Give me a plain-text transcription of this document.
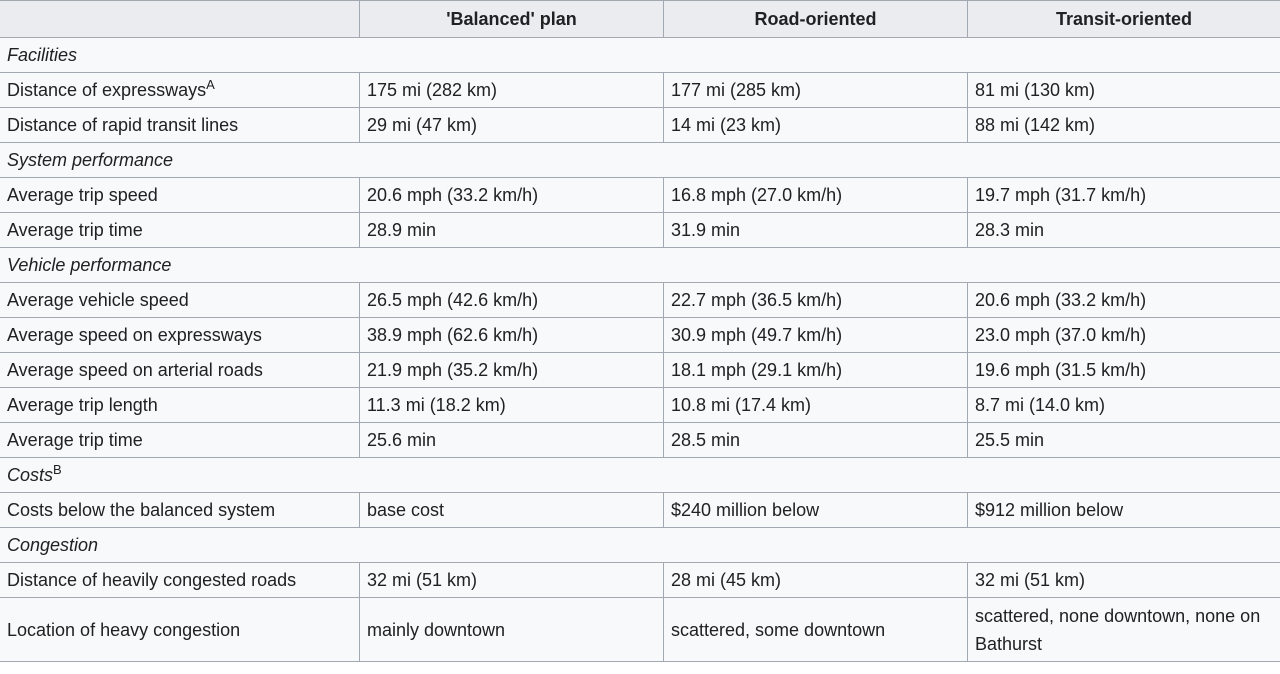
	'Balanced' plan	Road-oriented	Transit-oriented
Facilities			
Distance of expressways$^A$	175 mi (282 km)	177 mi (285 km)	81 mi (130 km)
Distance of rapid transit lines	29 mi (47 km)	14 mi (23 km)	88 mi (142 km)
System performance			
Average trip speed	20.6 mph (33.2 km/h)	16.8 mph (27.0 km/h)	19.7 mph (31.7 km/h)
Average trip time	28.9 min	31.9 min	28.3 min
Vehicle performance			
Average vehicle speed	26.5 mph (42.6 km/h)	22.7 mph (36.5 km/h)	20.6 mph (33.2 km/h)
Average speed on expressways	38.9 mph (62.6 km/h)	30.9 mph (49.7 km/h)	23.0 mph (37.0 km/h)
Average speed on arterial roads	21.9 mph (35.2 km/h)	18.1 mph (29.1 km/h)	19.6 mph (31.5 km/h)
Average trip length	11.3 mi (18.2 km)	10.8 mi (17.4 km)	8.7 mi (14.0 km)
Average trip time	25.6 min	28.5 min	25.5 min
Costs$^B$
Costs below the balanced system	base cost	$240 million below	$912 million below
Congestion			
Distance of heavily congested roads	32 mi (51 km)	28 mi (45 km)	32 mi (51 km)
Location of heavy congestion	mainly downtown	scattered, some downtown	scattered, none downtown, none on Bathurst
